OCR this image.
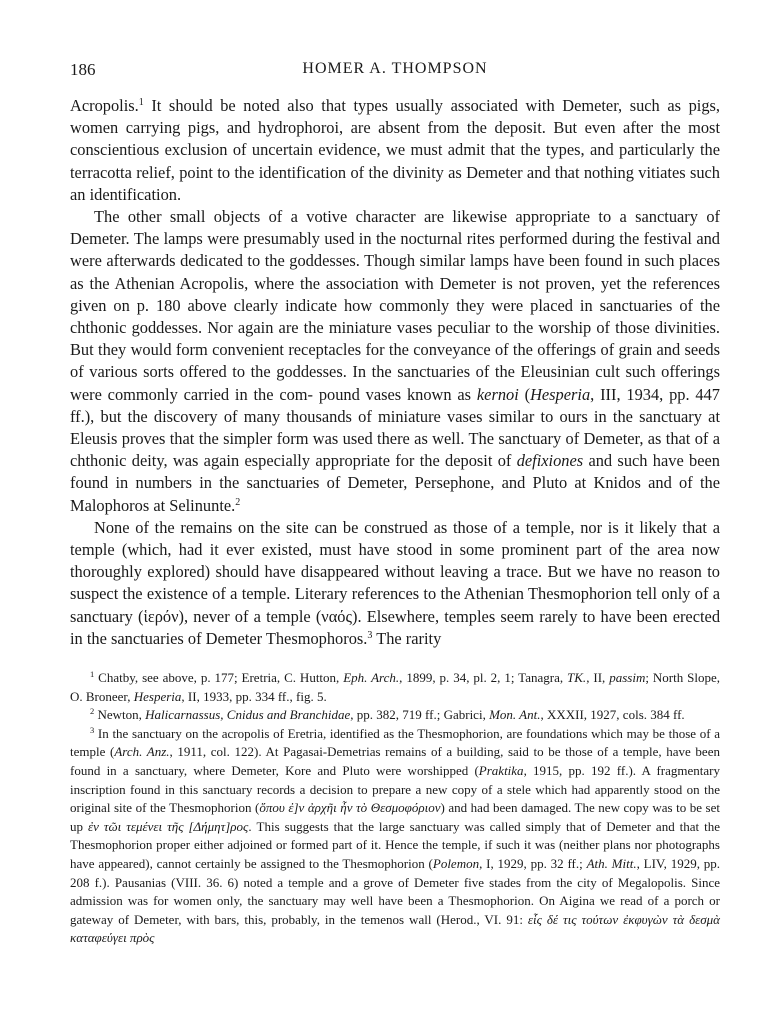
186	HOMER A. THOMPSON

Acropolis.$^1$ It should be noted also that types usually associated with Demeter, such as pigs, women carrying pigs, and hydrophoroi, are absent from the deposit. But even after the most conscientious exclusion of uncertain evidence, we must admit that the types, and particularly the terracotta relief, point to the identification of the divinity as Demeter and that nothing vitiates such an identification.

The other small objects of a votive character are likewise appropriate to a sanctuary of Demeter. The lamps were presumably used in the nocturnal rites performed during the festival and were afterwards dedicated to the goddesses. Though similar lamps have been found in such places as the Athenian Acropolis, where the association with Demeter is not proven, yet the references given on p. 180 above clearly indicate how commonly they were placed in sanctuaries of the chthonic goddesses. Nor again are the miniature vases peculiar to the worship of those divinities. But they would form convenient receptacles for the conveyance of the offerings of grain and seeds of various sorts offered to the goddesses. In the sanctuaries of the Eleusinian cult such offerings were commonly carried in the com- pound vases known as kernoi (Hesperia, III, 1934, pp. 447 ff.), but the discovery of many thousands of miniature vases similar to ours in the sanctuary at Eleusis proves that the simpler form was used there as well. The sanctuary of Demeter, as that of a chthonic deity, was again especially appropriate for the deposit of defixiones and such have been found in numbers in the sanctuaries of Demeter, Persephone, and Pluto at Knidos and of the Malophoros at Selinunte.$^2$

None of the remains on the site can be construed as those of a temple, nor is it likely that a temple (which, had it ever existed, must have stood in some prominent part of the area now thoroughly explored) should have disappeared without leaving a trace. But we have no reason to suspect the existence of a temple. Literary references to the Athenian Thesmophorion tell only of a sanctuary (ἱερόν), never of a temple (ναός). Elsewhere, temples seem rarely to have been erected in the sanctuaries of Demeter Thesmophoros.$^3$ The rarity

$^1$ Chatby, see above, p. 177; Eretria, C. Hutton, Eph. Arch., 1899, p. 34, pl. 2, 1; Tanagra, TK., II, passim; North Slope, O. Broneer, Hesperia, II, 1933, pp. 334 ff., fig. 5.

$^2$ Newton, Halicarnassus, Cnidus and Branchidae, pp. 382, 719 ff.; Gabrici, Mon. Ant., XXXII, 1927, cols. 384 ff.

$^3$ In the sanctuary on the acropolis of Eretria, identified as the Thesmophorion, are foundations which may be those of a temple (Arch. Anz., 1911, col. 122). At Pagasai-Demetrias remains of a building, said to be those of a temple, have been found in a sanctuary, where Demeter, Kore and Pluto were worshipped (Praktika, 1915, pp. 192 ff.). A fragmentary inscription found in this sanctuary records a decision to prepare a new copy of a stele which had apparently stood on the original site of the Thesmophorion (ὅπου ἐ]ν ἀρχῆι ἦν τὸ Θεσμοφόριον) and had been damaged. The new copy was to be set up ἐν τῶι τεμένει τῆς [Δήμητ]ρος. This suggests that the large sanctuary was called simply that of Demeter and that the Thesmophorion proper either adjoined or formed part of it. Hence the temple, if such it was (neither plans nor photographs have appeared), cannot certainly be assigned to the Thesmophorion (Polemon, I, 1929, pp. 32 ff.; Ath. Mitt., LIV, 1929, pp. 208 f.). Pausanias (VIII. 36. 6) noted a temple and a grove of Demeter five stades from the city of Megalopolis. Since admission was for women only, the sanctuary may well have been a Thesmophorion. On Aigina we read of a porch or gateway of Demeter, with bars, this, probably, in the temenos wall (Herod., VI. 91: εἷς δέ τις τούτων ἐκφυγὼν τὰ δεσμὰ καταφεύγει πρὸς
